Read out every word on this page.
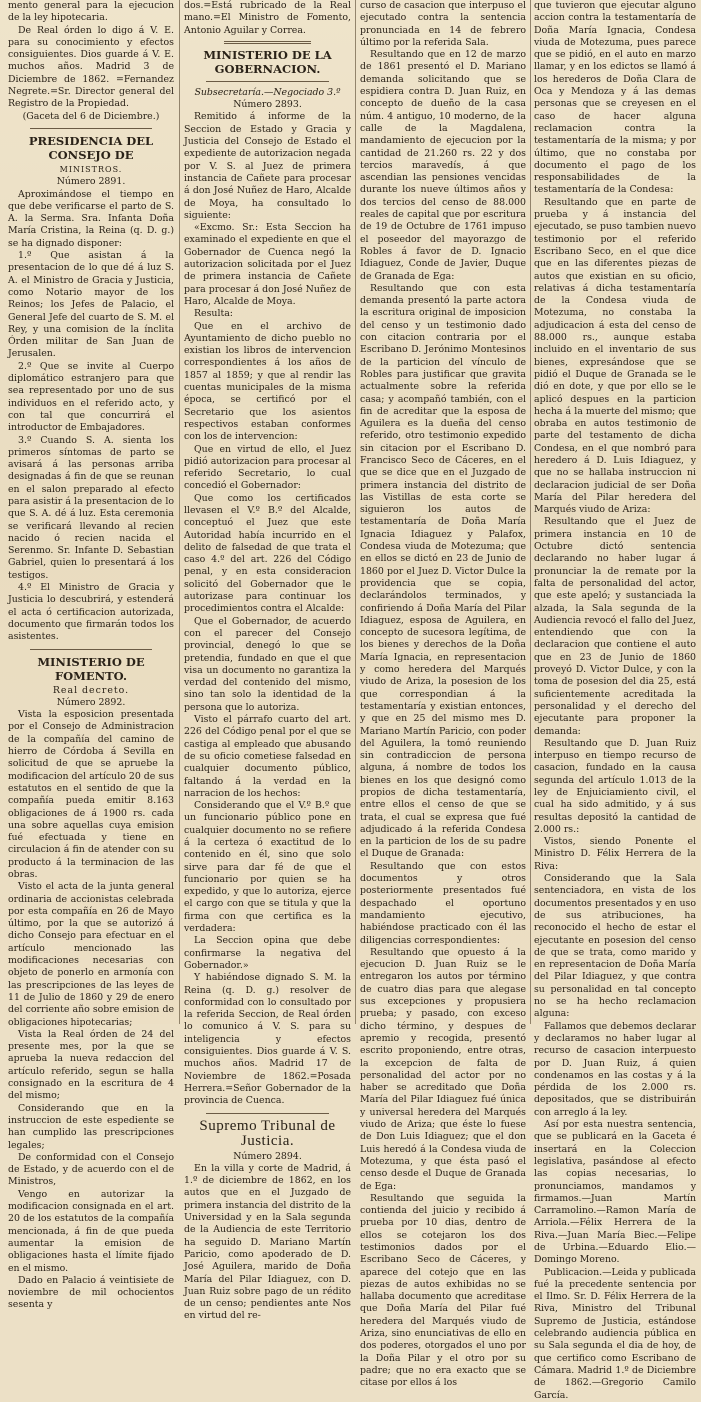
mento general para la ejecucion de la ley hipotecaria.

De Real órden lo digo á V. E. para su conocimiento y efectos consiguientes. Dios guarde á V. E. muchos años. Madrid 3 de Diciembre de 1862. =Fernandez Negrete.=Sr. Director general del Registro de la Propiedad.

(Gaceta del 6 de Diciembre.)

PRESIDENCIA DEL CONSEJO DE
MINISTROS.
Número 2891.

Aproximándose el tiempo en que debe verificarse el parto de S. A. la Serma. Sra. Infanta Doña María Cristina, la Reina (q. D. g.) se ha dignado disponer:

1.º Que asistan á la presentacion de lo que dé á luz S. A. el Ministro de Gracia y Justicia, como Notario mayor de los Reinos; los Jefes de Palacio, el General Jefe del cuarto de S. M. el Rey, y una comision de la ínclita Órden militar de San Juan de Jerusalen.

2.º Que se invite al Cuerpo diplomático estranjero para que sea representado por uno de sus individuos en el referido acto, y con tal que concurrirá el introductor de Embajadores.

3.º Cuando S. A. sienta los primeros síntomas de parto se avisará á las personas arriba designadas á fin de que se reunan en el salon preparado al efecto para asistir á la presentacion de lo que S. A. dé á luz. Esta ceremonia se verificará llevando al recien nacido ó recien nacida el Serenmo. Sr. Infante D. Sebastian Gabriel, quien lo presentará á los testigos.

4.º El Ministro de Gracia y Justicia lo descubrirá, y estenderá el acta ó certificacion autorizada, documento que firmarán todos los asistentes.

MINISTERIO DE FOMENTO.
Real decreto.
Número 2892.

Vista la esposicion presentada por el Consejo de Administracion de la compañía del camino de hierro de Córdoba á Sevilla en solicitud de que se apruebe la modificacion del artículo 20 de sus estatutos en el sentido de que la compañía pueda emitir 8.163 obligaciones de á 1900 rs. cada una sobre aquellas cuya emision fué efectuada y tiene en circulacion á fin de atender con su producto á la terminacion de las obras.

Visto el acta de la junta general ordinaria de accionistas celebrada por esta compañía en 26 de Mayo último, por la que se autorizó á dicho Consejo para efectuar en el artículo mencionado las modificaciones necesarias con objeto de ponerlo en armonía con las prescripciones de las leyes de 11 de Julio de 1860 y 29 de enero del corriente año sobre emision de obligaciones hipotecarias;

Vista la Real órden de 24 del presente mes, por la que se aprueba la nueva redaccion del artículo referido, segun se halla consignado en la escritura de 4 del mismo;

Considerando que en la instruccion de este espediente se han cumplido las prescripciones legales;

De conformidad con el Consejo de Estado, y de acuerdo con el de Ministros,

Vengo en autorizar la modificacion consignada en el art. 20 de los estatutos de la compañía mencionada, á fin de que pueda aumentar la emision de obligaciones hasta el límite fijado en el mismo.

Dado en Palacio á veintisiete de noviembre de mil ochocientos sesenta y

dos.=Está rubricado de la Real mano.=El Ministro de Fomento, Antonio Aguilar y Correa.

MINISTERIO DE LA GOBERNACION.
Subsecretaría.—Negociado 3.º
Número 2893.

Remitido á informe de la Seccion de Estado y Gracia y Justicia del Consejo de Estado el expediente de autorizacion negada por V. S. al Juez de primera instancia de Cañete para procesar á don José Nuñez de Haro, Alcalde de Moya, ha consultado lo siguiente:

«Excmo. Sr.: Esta Seccion ha examinado el expediente en que el Gobernador de Cuenca negó la autorizacion solicitada por el Juez de primera instancia de Cañete para procesar á don José Nuñez de Haro, Alcalde de Moya.

Resulta:

Que en el archivo de Ayuntamiento de dicho pueblo no existian los libros de intervencion correspondientes á los años de 1857 al 1859; y que al rendir las cuentas municipales de la misma época, se certificó por el Secretario que los asientos respectivos estaban conformes con los de intervencion:

Que en virtud de ello, el Juez pidió autorizacion para procesar al referido Secretario, lo cual concedió el Gobernador:

Que como los certificados llevasen el V.º B.º del Alcalde, conceptuó el Juez que este Autoridad había incurrido en el delito de falsedad de que trata el caso 4.º del art. 226 del Código penal, y en esta consideracion solicitó del Gobernador que le autorizase para continuar los procedimientos contra el Alcalde:

Que el Gobernador, de acuerdo con el parecer del Consejo provincial, denegó lo que se pretendia, fundado en que el que visa un documento no garantiza la verdad del contenido del mismo, sino tan solo la identidad de la persona que lo autoriza.

Visto el párrafo cuarto del art. 226 del Código penal por el que se castiga al empleado que abusando de su oficio cometiese falsedad en cualquier documento público, faltando á la verdad en la narracion de los hechos:

Considerando que el V.º B.º que un funcionario público pone en cualquier documento no se refiere á la certeza ó exactitud de lo contenido en él, sino que solo sirve para dar fé de que el funcionario por quien se ha expedido, y que lo autoriza, ejerce el cargo con que se titula y que la firma con que certifica es la verdadera:

La Seccion opina que debe confirmarse la negativa del Gobernador.»

Y habiéndose dignado S. M. la Reina (q. D. g.) resolver de conformidad con lo consultado por la referida Seccion, de Real órden lo comunico á V. S. para su inteligencia y efectos consiguientes. Dios guarde á V. S. muchos años. Madrid 17 de Noviembre de 1862.=Posada Herrera.=Señor Gobernador de la provincia de Cuenca.

Supremo Tribunal de Justicia.
Número 2894.

En la villa y corte de Madrid, á 1.º de diciembre de 1862, en los autos que en el Juzgado de primera instancia del distrito de la Universidad y en la Sala segunda de la Audiencia de este Territorio ha seguido D. Mariano Martín Paricio, como apoderado de D. José Aguilera, marido de Doña María del Pilar Idiaguez, con D. Juan Ruiz sobre pago de un rédito de un censo; pendientes ante Nos en virtud del re-

curso de casacion que interpuso el ejecutado contra la sentencia pronunciada en 14 de febrero último por la referida Sala.

Resultando que en 12 de marzo de 1861 presentó el D. Mariano demanda solicitando que se espidiera contra D. Juan Ruiz, en concepto de dueño de la casa núm. 4 antiguo, 10 moderno, de la calle de la Magdalena, mandamiento de ejecucion por la cantidad de 21.260 rs. 22 y dos tercios maravedís, á que ascendian las pensiones vencidas durante los nueve últimos años y dos tercios del censo de 88.000 reales de capital que por escritura de 19 de Octubre de 1761 impuso el poseedor del mayorazgo de Robles á favor de D. Ignacio Idiaguez, Conde de Javier, Duque de Granada de Ega:

Resultando que con esta demanda presentó la parte actora la escritura original de imposicion del censo y un testimonio dado con citacion contraria por el Escribano D. Jerónimo Montesinos de la particion del vínculo de Robles para justificar que gravita actualmente sobre la referida casa; y acompañó también, con el fin de acreditar que la esposa de Aguilera es la dueña del censo referido, otro testimonio expedido sin citacion por el Escribano D. Francisco Seco de Cáceres, en el que se dice que en el Juzgado de primera instancia del distrito de las Vistillas de esta corte se siguieron los autos de testamentaría de Doña María Ignacia Idiaguez y Palafox, Condesa viuda de Motezuma; que en ellos se dictó en 23 de Junio de 1860 por el Juez D. Victor Dulce la providencia que se copia, declarándolos terminados, y confiriendo á Doña María del Pilar Idiaguez, esposa de Aguilera, en concepto de sucesora legítima, de los bienes y derechos de la Doña María Ignacia, en representacion y como heredera del Marqués viudo de Ariza, la posesion de los que correspondian á la testamentaría y existian entonces, y que en 25 del mismo mes D. Mariano Martín Paricio, con poder del Aguilera, la tomó reuniendo sin contradiccion de persona alguna, á nombre de todos los bienes en los que designó como propios de dicha testamentaría, entre ellos el censo de que se trata, el cual se expresa que fué adjudicado á la referida Condesa en la particion de los de su padre el Duque de Granada:

Resultando que con estos documentos y otros posteriormente presentados fué despachado el oportuno mandamiento ejecutivo, habiéndose practicado con él las diligencias correspondientes:

Resultando que opuesto á la ejecucion D. Juan Ruiz se le entregaron los autos por término de cuatro dias para que alegase sus excepciones y propusiera prueba; y pasado, con exceso dicho término, y despues de apremio y recogida, presentó escrito proponiendo, entre otras, la excepcion de falta de personalidad del actor por no haber se acreditado que Doña María del Pilar Idiaguez fué única y universal heredera del Marqués viudo de Ariza; que éste lo fuese de Don Luis Idiaguez; que el don Luis heredó á la Condesa viuda de Motezuma, y que ésta pasó el censo desde el Duque de Granada de Ega:

Resultando que seguida la contienda del juicio y recibido á prueba por 10 dias, dentro de ellos se cotejaron los dos testimonios dados por el Escribano Seco de Cáceres, y aparece del cotejo que en las piezas de autos exhibidas no se hallaba documento que acreditase que Doña María del Pilar fué heredera del Marqués viudo de Ariza, sino enunciativas de ello en dos poderes, otorgados el uno por la Doña Pilar y el otro por su padre; que no era exacto que se citase por ellos á los

que tuvieron que ejecutar alguno accion contra la testamentaría de Doña María Ignacia, Condesa viuda de Motezuma, pues parece que se pidió, en el auto en marzo llamar, y en los edictos se llamó á los herederos de Doña Clara de Oca y Mendoza y á las demas personas que se creyesen en el caso de hacer alguna reclamacion contra la testamentaría de la misma; y por último, que no constaba por documento el pago de los responsabilidades de la testamentaría de la Condesa:

Resultando que en parte de prueba y á instancia del ejecutado, se puso tambien nuevo testimonio por el referido Escribano Seco, en el que dice que en las diferentes piezas de autos que existian en su oficio, relativas á dicha testamentaría de la Condesa viuda de Motezuma, no constaba la adjudicacion á esta del censo de 88.000 rs., aunque estaba incluido en el inventario de sus bienes, expresándose que se pidió el Duque de Granada se le dió en dote, y que por ello se le aplicó despues en la particion hecha á la muerte del mismo; que obraba en autos testimonio de parte del testamento de dicha Condesa, en el que nombró para heredero á D. Luis Idiaguez, y que no se hallaba instruccion ni declaracion judicial de ser Doña María del Pilar heredera del Marqués viudo de Ariza:

Resultando que el Juez de primera instancia en 10 de Octubre dictó sentencia declarando no haber lugar á pronunciar la de remate por la falta de personalidad del actor, que este apeló; y sustanciada la alzada, la Sala segunda de la Audiencia revocó el fallo del Juez, entendiendo que con la declaracion que contiene el auto que en 23 de Junio de 1860 proveyó D. Victor Dulce, y con la toma de posesion del dia 25, está suficientemente acreditada la personalidad y el derecho del ejecutante para proponer la demanda:

Resultando que D. Juan Ruiz interpuso en tiempo recurso de casacion, fundado en la causa segunda del artículo 1.013 de la ley de Enjuiciamiento civil, el cual ha sido admitido, y á sus resultas depositó la cantidad de 2.000 rs.:

Vistos, siendo Ponente el Ministro D. Félix Herrera de la Riva:

Considerando que la Sala sentenciadora, en vista de los documentos presentados y en uso de sus atribuciones, ha reconocido el hecho de estar el ejecutante en posesion del censo de que se trata, como marido y en representacion de Doña María del Pilar Idiaguez, y que contra su personalidad en tal concepto no se ha hecho reclamacion alguna:

Fallamos que debemos declarar y declaramos no haber lugar al recurso de casacion interpuesto por D. Juan Ruiz, á quien condenamos en las costas y á la pérdida de los 2.000 rs. depositados, que se distribuirán con arreglo á la ley.

Así por esta nuestra sentencia, que se publicará en la Gaceta é insertará en la Coleccion legislativa, pasándose al efecto las copias necesarias, lo pronunciamos, mandamos y firmamos.—Juan Martín Carramolino.—Ramon María de Arriola.—Félix Herrera de la Riva.—Juan María Biec.—Felipe de Urbina.—Eduardo Elio.—Domingo Moreno.

Publicacion.—Leida y publicada fué la precedente sentencia por el Ilmo. Sr. D. Félix Herrera de la Riva, Ministro del Tribunal Supremo de Justicia, estándose celebrando audiencia pública en su Sala segunda el dia de hoy, de que certifico como Escribano de Cámara. Madrid 1.º de Diciembre de 1862.—Gregorio Camilo García.
